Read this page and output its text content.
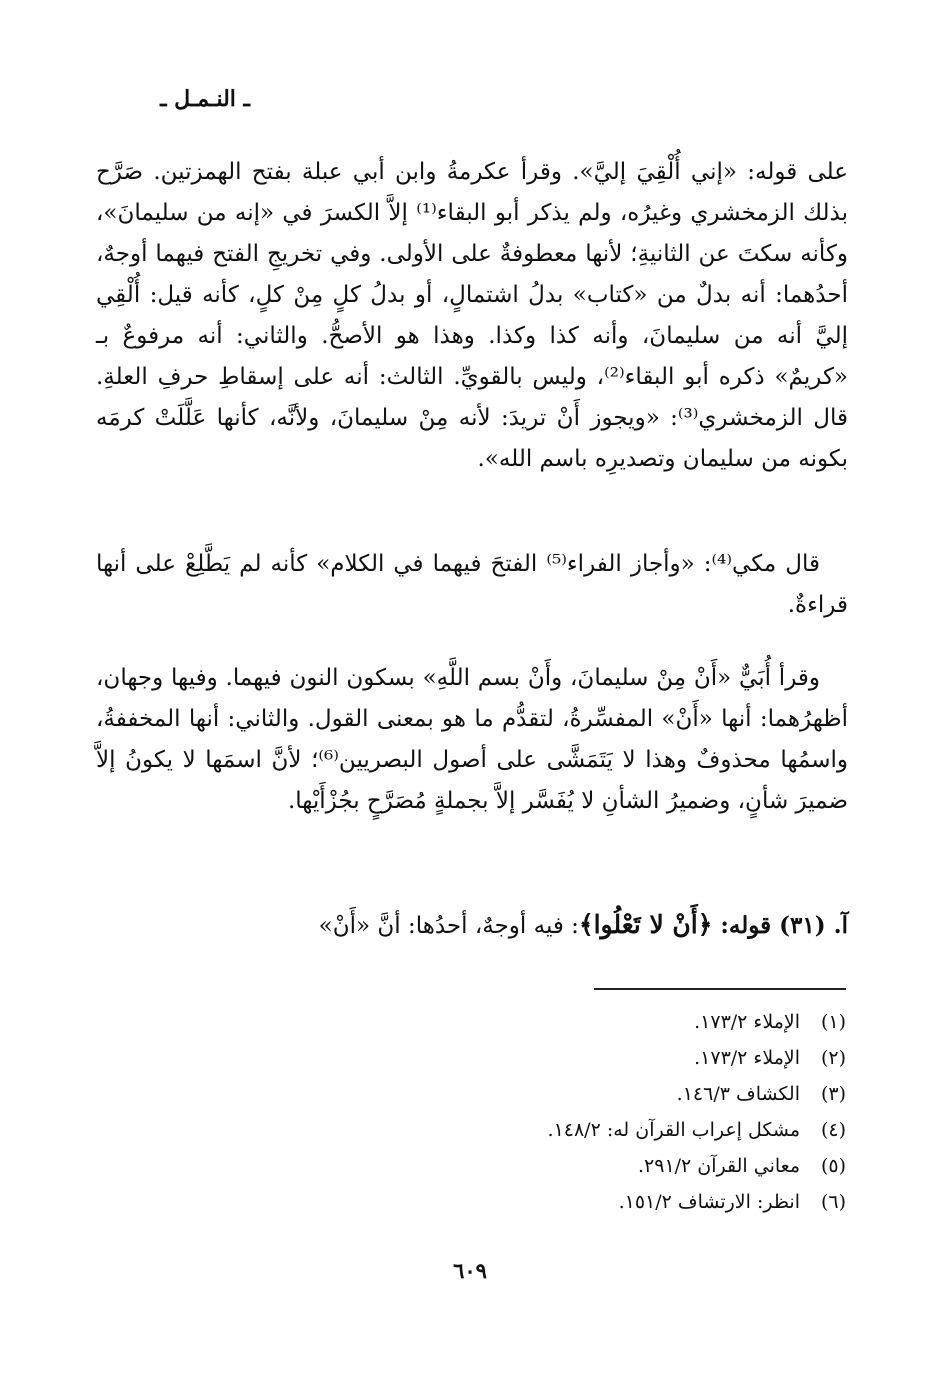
ـ النـمـل ـ
على قوله: «إني أُلْقِيَ إليَّ». وقرأ عكرمةُ وابن أبي عبلة بفتح الهمزتين. صَرَّح بذلك الزمخشري وغيرُه، ولم يذكر أبو البقاء⁽¹⁾ إلاَّ الكسرَ في «إنه من سليمانَ»، وكأنه سكتَ عن الثانيةِ؛ لأنها معطوفةٌ على الأولى. وفي تخريجِ الفتح فيهما أوجهٌ، أحدُهما: أنه بدلٌ من «كتاب» بدلُ اشتمالٍ، أو بدلُ كلٍ مِنْ كلٍ، كأنه قيل: أُلْقِي إليَّ أنه من سليمانَ، وأنه كذا وكذا. وهذا هو الأصحُّ. والثاني: أنه مرفوعٌ بـ «كريمٌ» ذكره أبو البقاء⁽²⁾، وليس بالقويِّ. الثالث: أنه على إسقاطِ حرفِ العلةِ. قال الزمخشري⁽³⁾: «ويجوز أَنْ تريدَ: لأنه مِنْ سليمانَ، ولأنَّه، كأنها عَلَّلَتْ كرمَه بكونه من سليمان وتصديرِه باسم الله».
قال مكي⁽⁴⁾: «وأجاز الفراء⁽⁵⁾ الفتحَ فيهما في الكلام» كأنه لم يَطَّلِعْ على أنها قراءةٌ.
وقرأ أُبَيٌّ «أَنْ مِنْ سليمانَ، وأَنْ بسم اللَّهِ» بسكون النون فيهما. وفيها وجهان، أظهرُهما: أنها «أَنْ» المفسِّرةُ، لتقدُّم ما هو بمعنى القول. والثاني: أنها المخففةُ، واسمُها محذوفٌ وهذا لا يَتَمَشَّى على أصول البصريين⁽⁶⁾؛ لأنَّ اسمَها لا يكونُ إلاَّ ضميرَ شأنٍ، وضميرُ الشأنِ لا يُفَسَّر إلاَّ بجملةٍ مُصَرَّحٍ بجُزْأَيْها.
آ. (٣١) قوله: ﴿أَنْ لا تَعْلُوا﴾: فيه أوجهٌ، أحدُها: أنَّ «أَنْ»
(١)الإملاء ١٧٣/٢.
(٢)الإملاء ١٧٣/٢.
(٣)الكشاف ١٤٦/٣.
(٤)مشكل إعراب القرآن له: ١٤٨/٢.
(٥)معاني القرآن ٢٩١/٢.
(٦)انظر: الارتشاف ١٥١/٢.
٦٠٩
